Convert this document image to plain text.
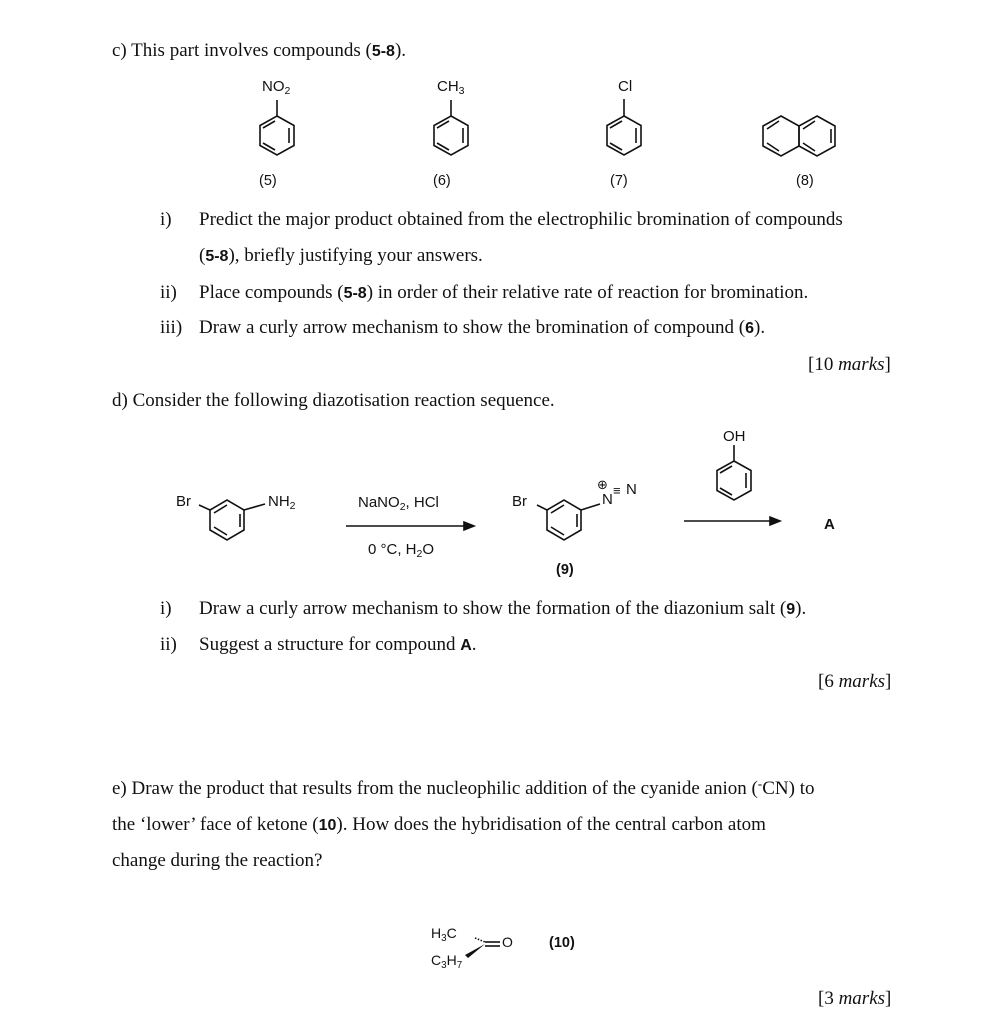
c) This part involves compounds (5-8).
$NO_2$	$CH_3$	Cl
(5)	(6)	(7)	(8)
i) Predict the major product obtained from the electrophilic bromination of compounds
(5-8), briefly justifying your answers.
ii) Place compounds (5-8) in order of their relative rate of reaction for bromination.
iii) Draw a curly arrow mechanism to show the bromination of compound (6).
[10 marks]
d) Consider the following diazotisation reaction sequence.
Br	$NH_2$	NaNO$_2$, HCl
0 °C, $H_2O$
Br
⊕
N
≡ N
(9)
OH
A
i) Draw a curly arrow mechanism to show the formation of the diazonium salt (9).
ii) Suggest a structure for compound A.
[6 marks]
e) Draw the product that results from the nucleophilic addition of the cyanide anion (-CN) to
the ‘lower’ face of ketone (10). How does the hybridisation of the central carbon atom
change during the reaction?
$H_3C$
O
$C_3H_7$
(10)
[3 marks]
